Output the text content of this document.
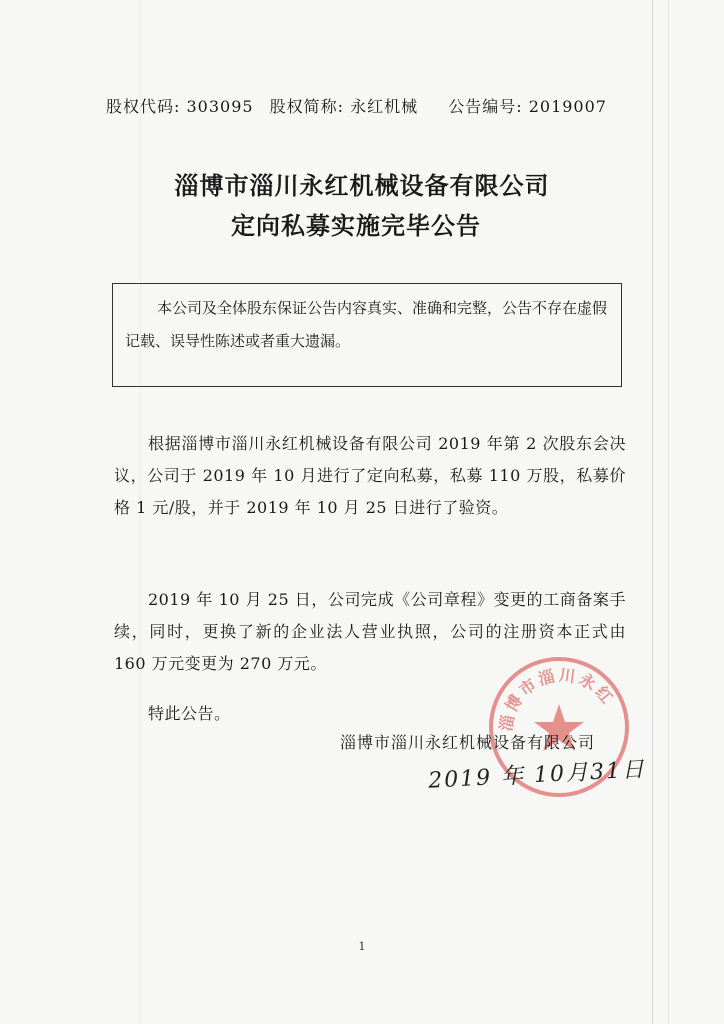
股权代码: 303095 股权简称: 永红机械 公告编号: 2019007
淄博市淄川永红机械设备有限公司
定向私募实施完毕公告

本公司及全体股东保证公告内容真实、准确和完整，公告不存在虚假记载、误导性陈述或者重大遗漏。

根据淄博市淄川永红机械设备有限公司 2019 年第 2 次股东会决议，公司于 2019 年 10 月进行了定向私募，私募 110 万股，私募价格 1 元/股，并于 2019 年 10 月 25 日进行了验资。
2019 年 10 月 25 日，公司完成《公司章程》变更的工商备案手续，同时，更换了新的企业法人营业执照，公司的注册资本正式由 160 万元变更为 270 万元。
特此公告。	淄博市淄川永红
淄博市淄川永红机械设备有限公司
2019 年 10月31日
1
